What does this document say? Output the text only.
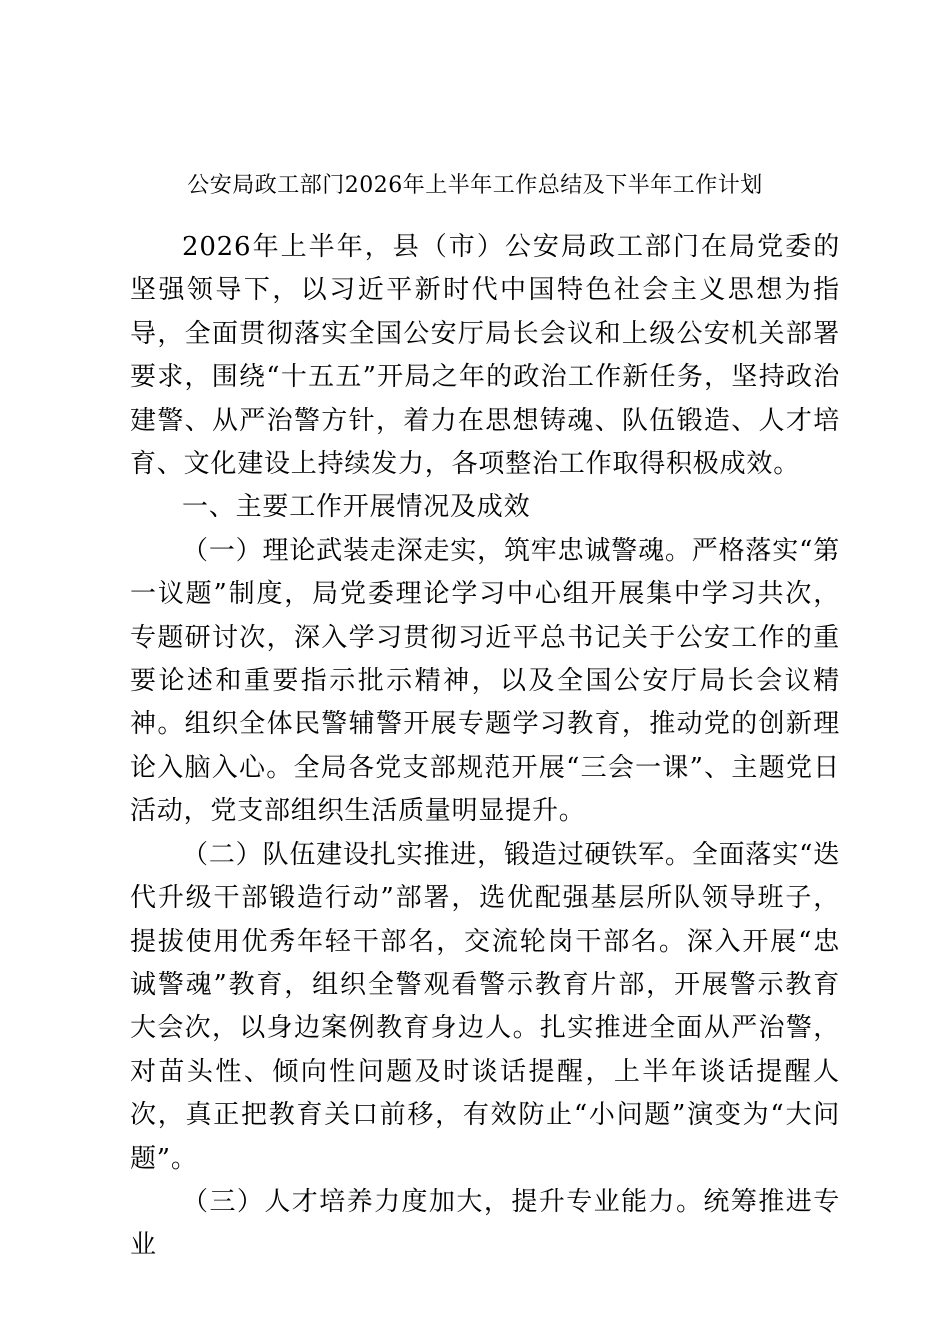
公安局政工部门2026年上半年工作总结及下半年工作计划

2026年上半年，县（市）公安局政工部门在局党委的坚强领导下，以习近平新时代中国特色社会主义思想为指导，全面贯彻落实全国公安厅局长会议和上级公安机关部署要求，围绕“十五五”开局之年的政治工作新任务，坚持政治建警、从严治警方针，着力在思想铸魂、队伍锻造、人才培育、文化建设上持续发力，各项整治工作取得积极成效。

一、主要工作开展情况及成效

（一）理论武装走深走实，筑牢忠诚警魂。严格落实“第一议题”制度，局党委理论学习中心组开展集中学习共次，专题研讨次，深入学习贯彻习近平总书记关于公安工作的重要论述和重要指示批示精神，以及全国公安厅局长会议精神。组织全体民警辅警开展专题学习教育，推动党的创新理论入脑入心。全局各党支部规范开展“三会一课”、主题党日活动，党支部组织生活质量明显提升。

（二）队伍建设扎实推进，锻造过硬铁军。全面落实“迭代升级干部锻造行动”部署，选优配强基层所队领导班子，提拔使用优秀年轻干部名，交流轮岗干部名。深入开展“忠诚警魂”教育，组织全警观看警示教育片部，开展警示教育大会次，以身边案例教育身边人。扎实推进全面从严治警，对苗头性、倾向性问题及时谈话提醒，上半年谈话提醒人次，真正把教育关口前移，有效防止“小问题”演变为“大问题”。

（三）人才培养力度加大，提升专业能力。统筹推进专业
